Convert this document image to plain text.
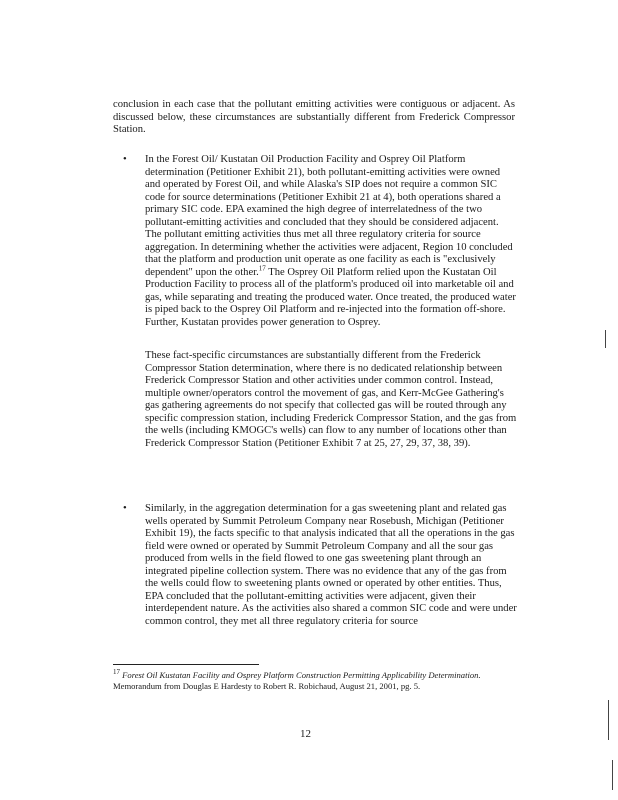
conclusion in each case that the pollutant emitting activities were contiguous or adjacent. As discussed below, these circumstances are substantially different from Frederick Compressor Station.

• In the Forest Oil/ Kustatan Oil Production Facility and Osprey Oil Platform determination (Petitioner Exhibit 21), both pollutant-emitting activities were owned and operated by Forest Oil, and while Alaska's SIP does not require a common SIC code for source determinations (Petitioner Exhibit 21 at 4), both operations shared a primary SIC code. EPA examined the high degree of interrelatedness of the two pollutant-emitting activities and concluded that they should be considered adjacent. The pollutant emitting activities thus met all three regulatory criteria for source aggregation. In determining whether the activities were adjacent, Region 10 concluded that the platform and production unit operate as one facility as each is "exclusively dependent" upon the other.$^{17}$ The Osprey Oil Platform relied upon the Kustatan Oil Production Facility to process all of the platform's produced oil into marketable oil and gas, while separating and treating the produced water. Once treated, the produced water is piped back to the Osprey Oil Platform and re-injected into the formation off-shore. Further, Kustatan provides power generation to Osprey.

These fact-specific circumstances are substantially different from the Frederick Compressor Station determination, where there is no dedicated relationship between Frederick Compressor Station and other activities under common control. Instead, multiple owner/operators control the movement of gas, and Kerr-McGee Gathering's gas gathering agreements do not specify that collected gas will be routed through any specific compression station, including Frederick Compressor Station, and the gas from the wells (including KMOGC's wells) can flow to any number of locations other than Frederick Compressor Station (Petitioner Exhibit 7 at 25, 27, 29, 37, 38, 39).

• Similarly, in the aggregation determination for a gas sweetening plant and related gas wells operated by Summit Petroleum Company near Rosebush, Michigan (Petitioner Exhibit 19), the facts specific to that analysis indicated that all the operations in the gas field were owned or operated by Summit Petroleum Company and all the sour gas produced from wells in the field flowed to one gas sweetening plant through an integrated pipeline collection system. There was no evidence that any of the gas from the wells could flow to sweetening plants owned or operated by other entities. Thus, EPA concluded that the pollutant-emitting activities were adjacent, given their interdependent nature. As the activities also shared a common SIC code and were under common control, they met all three regulatory criteria for source

$^{17}$ Forest Oil Kustatan Facility and Osprey Platform Construction Permitting Applicability Determination. Memorandum from Douglas E Hardesty to Robert R. Robichaud, August 21, 2001, pg. 5.

12
